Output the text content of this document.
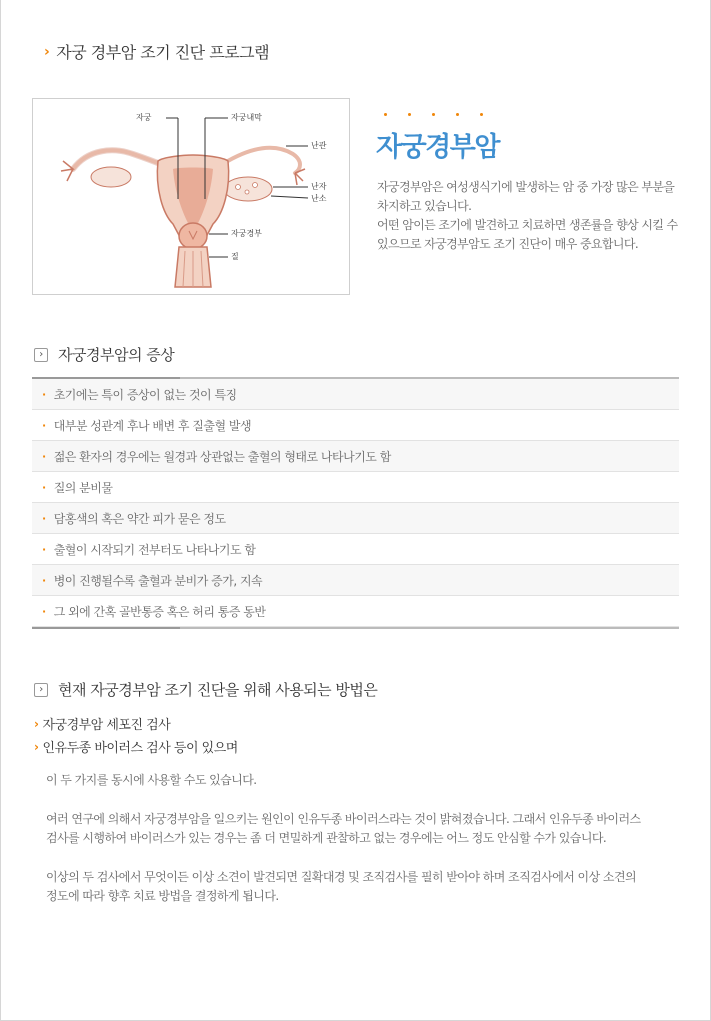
› 자궁 경부암 조기 진단 프로그램
자궁	자궁내막
난관
난자
난소
자궁경부
질
자궁경부암
자궁경부암은 여성생식기에 발생하는 암 중 가장 많은 부분을
차지하고 있습니다.
어떤 암이든 조기에 발견하고 치료하면 생존률을 향상 시킬 수
있으므로 자궁경부암도 조기 진단이 매우 중요합니다.
›	자궁경부암의 증상
· 초기에는 특이 증상이 없는 것이 특징
· 대부분 성관계 후나 배변 후 질출혈 발생
· 젊은 환자의 경우에는 월경과 상관없는 출혈의 형태로 나타나기도 함
· 질의 분비물
· 담홍색의 혹은 약간 피가 묻은 정도
· 출혈이 시작되기 전부터도 나타나기도 함
· 병이 진행될수록 출혈과 분비가 증가, 지속
· 그 외에 간혹 골반통증 혹은 허리 통증 동반
›	현재 자궁경부암 조기 진단을 위해 사용되는 방법은
› 자궁경부암 세포진 검사
› 인유두종 바이러스 검사 등이 있으며
이 두 가지를 동시에 사용할 수도 있습니다.
여러 연구에 의해서 자궁경부암을 일으키는 원인이 인유두종 바이러스라는 것이 밝혀졌습니다. 그래서 인유두종 바이러스
검사를 시행하여 바이러스가 있는 경우는 좀 더 면밀하게 관찰하고 없는 경우에는 어느 정도 안심할 수가 있습니다.
이상의 두 검사에서 무엇이든 이상 소견이 발견되면 질확대경 및 조직검사를 필히 받아야 하며 조직검사에서 이상 소견의
정도에 따라 향후 치료 방법을 결정하게 됩니다.
